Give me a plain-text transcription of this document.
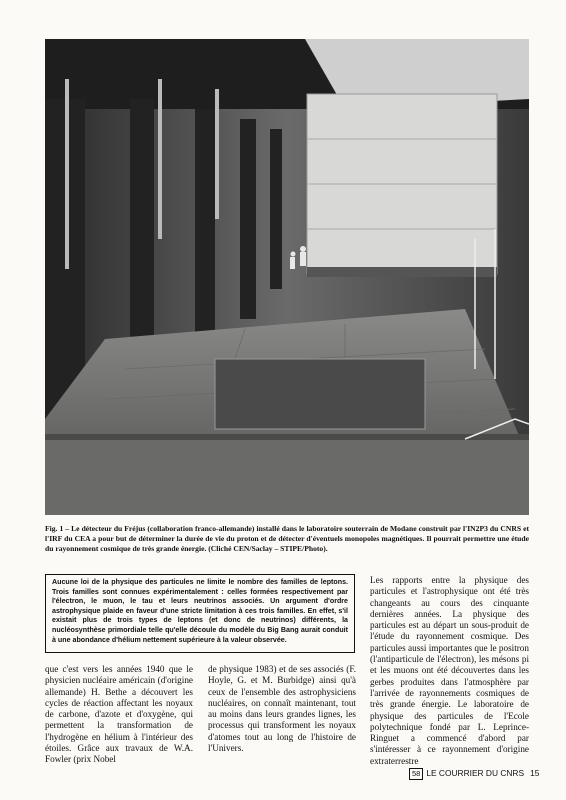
Fig. 1 – Le détecteur du Fréjus (collaboration franco-allemande) installé dans le laboratoire souterrain de Modane construit par l'IN2P3 du CNRS et l'IRF du CEA a pour but de déterminer la durée de vie du proton et de détecter d'éventuels monopoles magnétiques. Il pourrait permettre une étude du rayonnement cosmique de très grande énergie. (Cliché CEN/Saclay – STIPE/Photo).
Aucune loi de la physique des particules ne limite le nombre des familles de leptons. Trois familles sont connues expérimentalement : celles formées respectivement par l'électron, le muon, le tau et leurs neutrinos associés. Un argument d'ordre astrophysique plaide en faveur d'une stricte limitation à ces trois familles. En effet, s'il existait plus de trois types de leptons (et donc de neutrinos) différents, la nucléosynthèse primordiale telle qu'elle découle du modèle du Big Bang aurait conduit à une abondance d'hélium nettement supérieure à la valeur observée.
que c'est vers les années 1940 que le physicien nucléaire américain (d'origine allemande) H. Bethe a découvert les cycles de réaction affectant les noyaux de carbone, d'azote et d'oxygène, qui permettent la transformation de l'hydrogène en hélium à l'intérieur des étoiles. Grâce aux travaux de W.A. Fowler (prix Nobel
de physique 1983) et de ses associés (F. Hoyle, G. et M. Burbidge) ainsi qu'à ceux de l'ensemble des astrophysiciens nucléaires, on connaît maintenant, tout au moins dans leurs grandes lignes, les processus qui transforment les noyaux d'atomes tout au long de l'histoire de l'Univers.
Les rapports entre la physique des particules et l'astrophysique ont été très changeants au cours des cinquante dernières années. La physique des particules est au départ un sous-produit de l'étude du rayonnement cosmique. Des particules aussi importantes que le positron (l'antiparticule de l'électron), les mésons pi et les muons ont été découvertes dans les gerbes produites dans l'atmosphère par l'arrivée de rayonnements cosmiques de très grande énergie. Le laboratoire de physique des particules de l'Ecole polytechnique fondé par L. Leprince-Ringuet a commencé d'abord par s'intéresser à ce rayonnement d'origine extraterrestre
58 LE COURRIER DU CNRS 15
